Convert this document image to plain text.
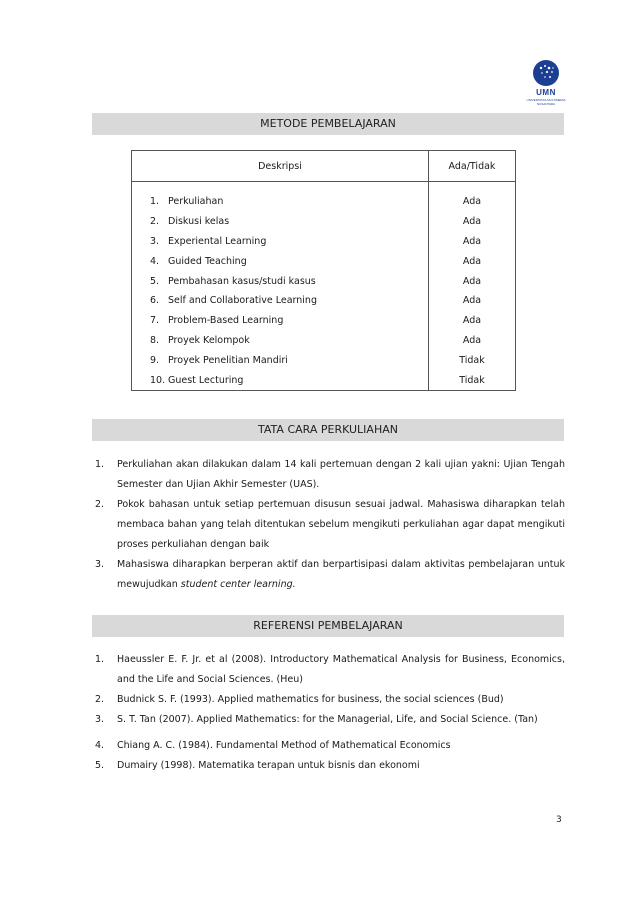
UMN
UNIVERSITAS MULTIMEDIA NUSANTARA
METODE PEMBELAJARAN
Deskripsi	Ada/Tidak

1. Perkuliahan	Ada
2. Diskusi kelas	Ada
3. Experiental Learning	Ada
4. Guided Teaching	Ada
5. Pembahasan kasus/studi kasus	Ada
6. Self and Collaborative Learning	Ada
7. Problem-Based Learning	Ada
8. Proyek Kelompok	Ada
9. Proyek Penelitian Mandiri	Tidak
10. Guest Lecturing	Tidak
TATA CARA PERKULIAHAN
1. Perkuliahan akan dilakukan dalam 14 kali pertemuan dengan 2 kali ujian yakni: Ujian Tengah Semester dan Ujian Akhir Semester (UAS).
2. Pokok bahasan untuk setiap pertemuan disusun sesuai jadwal. Mahasiswa diharapkan telah membaca bahan yang telah ditentukan sebelum mengikuti perkuliahan agar dapat mengikuti proses perkuliahan dengan baik
3. Mahasiswa diharapkan berperan aktif dan berpartisipasi dalam aktivitas pembelajaran untuk mewujudkan student center learning.
REFERENSI PEMBELAJARAN
1. Haeussler E. F. Jr. et al (2008). Introductory Mathematical Analysis for Business, Economics, and the Life and Social Sciences. (Heu)
2. Budnick S. F. (1993). Applied mathematics for business, the social sciences (Bud)
3. S. T. Tan (2007). Applied Mathematics: for the Managerial, Life, and Social Science. (Tan)
4. Chiang A. C. (1984). Fundamental Method of Mathematical Economics
5. Dumairy (1998). Matematika terapan untuk bisnis dan ekonomi
3
